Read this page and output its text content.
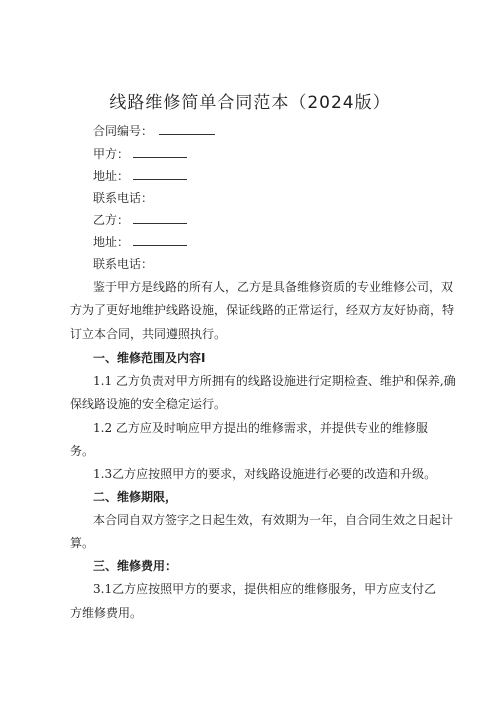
线路维修简单合同范本（2024版）
合同编号：
甲方：
地址：
联系电话：
乙方：
地址：
联系电话：
鉴于甲方是线路的所有人，乙方是具备维修资质的专业维修公司，双
方为了更好地维护线路设施，保证线路的正常运行，经双方友好协商，特
订立本合同，共同遵照执行。
一、维修范围及内容I
1.1 乙方负责对甲方所拥有的线路设施进行定期检查、维护和保养,确
保线路设施的安全稳定运行。
1.2 乙方应及时响应甲方提出的维修需求，并提供专业的维修服
务。
1.3乙方应按照甲方的要求，对线路设施进行必要的改造和升级。
二、维修期限，
本合同自双方签字之日起生效，有效期为一年，自合同生效之日起计
算。
三、维修费用：
3.1乙方应按照甲方的要求，提供相应的维修服务，甲方应支付乙
方维修费用。
